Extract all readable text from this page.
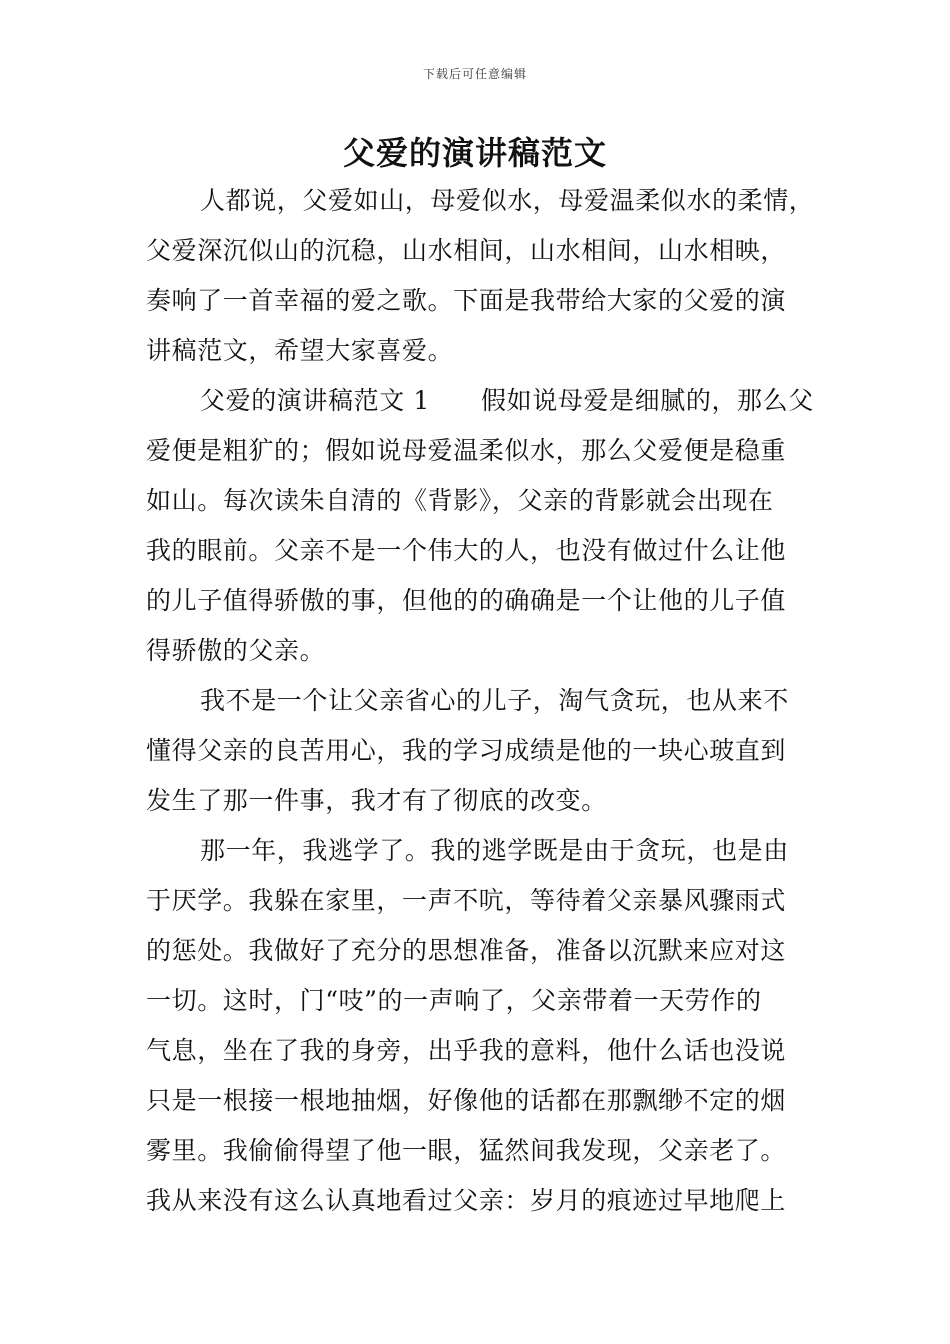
下载后可任意编辑
父爱的演讲稿范文
人都说，父爱如山，母爱似水，母爱温柔似水的柔情，
父爱深沉似山的沉稳，山水相间，山水相间，山水相映，
奏响了一首幸福的爱之歌。下面是我带给大家的父爱的演
讲稿范文，希望大家喜爱。
父爱的演讲稿范文 1　　假如说母爱是细腻的，那么父
爱便是粗犷的；假如说母爱温柔似水，那么父爱便是稳重
如山。每次读朱自清的《背影》，父亲的背影就会出现在
我的眼前。父亲不是一个伟大的人，也没有做过什么让他
的儿子值得骄傲的事，但他的的确确是一个让他的儿子值
得骄傲的父亲。
我不是一个让父亲省心的儿子，淘气贪玩，也从来不
懂得父亲的良苦用心，我的学习成绩是他的一块心玻直到
发生了那一件事，我才有了彻底的改变。
那一年，我逃学了。我的逃学既是由于贪玩，也是由
于厌学。我躲在家里，一声不吭，等待着父亲暴风骤雨式
的惩处。我做好了充分的思想准备，准备以沉默来应对这
一切。这时，门“吱”的一声响了，父亲带着一天劳作的
气息，坐在了我的身旁，出乎我的意料，他什么话也没说
只是一根接一根地抽烟，好像他的话都在那飘缈不定的烟
雾里。我偷偷得望了他一眼，猛然间我发现，父亲老了。
我从来没有这么认真地看过父亲：岁月的痕迹过早地爬上
